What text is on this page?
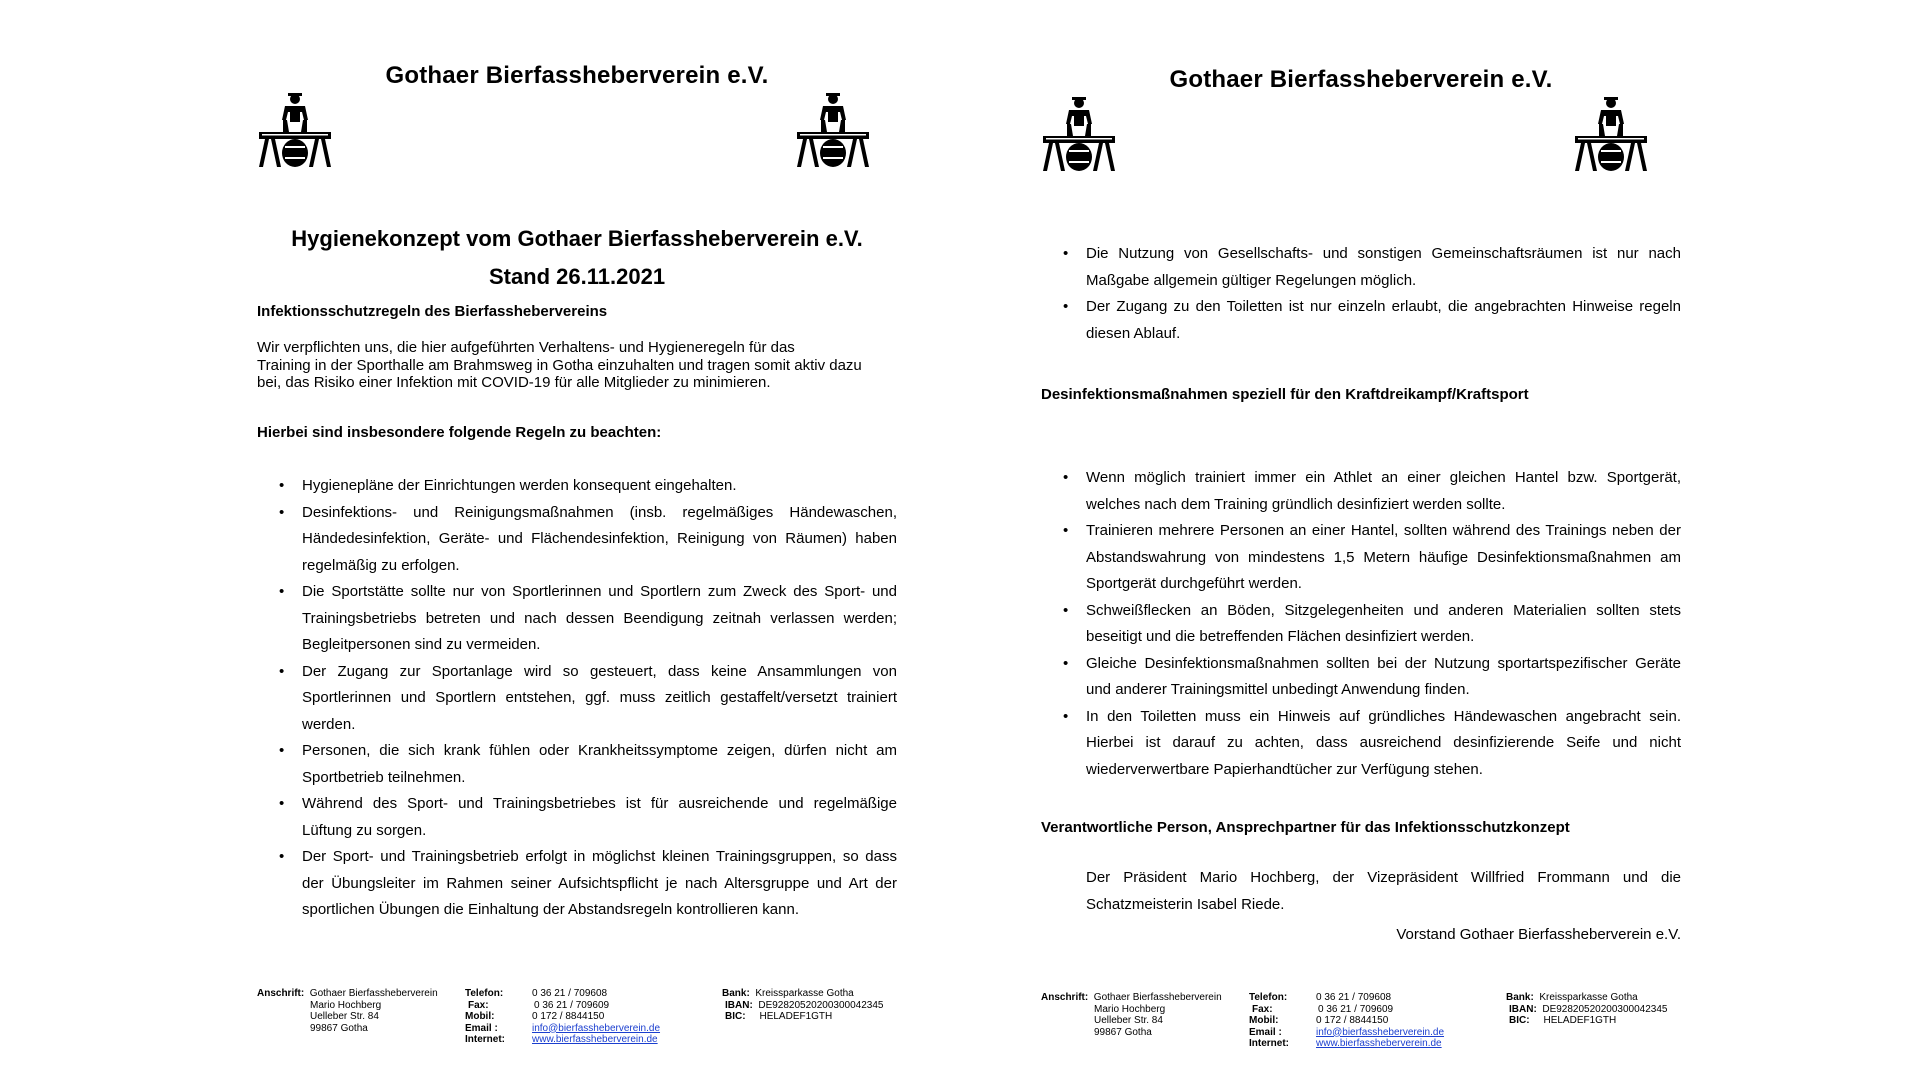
Gothaer Bierfassheberverein e.V.
Hygienekonzept vom Gothaer Bierfassheberverein e.V.
Stand 26.11.2021
Infektionsschutzregeln des Bierfasshebervereins
Wir verpflichten uns, die hier aufgeführten Verhaltens- und Hygieneregeln für das
Training in der Sporthalle am Brahmsweg in Gotha einzuhalten und tragen somit aktiv dazu
bei, das Risiko einer Infektion mit COVID-19 für alle Mitglieder zu minimieren.
Hierbei sind insbesondere folgende Regeln zu beachten:
• Hygienepläne der Einrichtungen werden konsequent eingehalten.
• Desinfektions- und Reinigungsmaßnahmen (insb. regelmäßiges Händewaschen, Händedesinfektion, Geräte- und Flächendesinfektion, Reinigung von Räumen) haben regelmäßig zu erfolgen.
• Die Sportstätte sollte nur von Sportlerinnen und Sportlern zum Zweck des Sport- und Trainingsbetriebs betreten und nach dessen Beendigung zeitnah verlassen werden; Begleitpersonen sind zu vermeiden.
• Der Zugang zur Sportanlage wird so gesteuert, dass keine Ansammlungen von Sportlerinnen und Sportlern entstehen, ggf. muss zeitlich gestaffelt/versetzt trainiert werden.
• Personen, die sich krank fühlen oder Krankheitssymptome zeigen, dürfen nicht am Sportbetrieb teilnehmen.
• Während des Sport- und Trainingsbetriebes ist für ausreichende und regelmäßige Lüftung zu sorgen.
• Der Sport- und Trainingsbetrieb erfolgt in möglichst kleinen Trainingsgruppen, so dass der Übungsleiter im Rahmen seiner Aufsichtspflicht je nach Altersgruppe und Art der sportlichen Übungen die Einhaltung der Abstandsregeln kontrollieren kann.
Anschrift: Gothaer Bierfassheberverein
Mario Hochberg
Uelleber Str. 84
99867 Gotha
Telefon:
Fax:
Mobil:
Email :
Internet:
0 36 21 / 709608
0 36 21 / 709609
0 172 / 8844150
info@bierfassheberverein.de
www.bierfassheberverein.de
Bank: Kreissparkasse Gotha
IBAN: DE92820520200300042345
BIC: HELADEF1GTH
Gothaer Bierfassheberverein e.V.
• Die Nutzung von Gesellschafts- und sonstigen Gemeinschaftsräumen ist nur nach Maßgabe allgemein gültiger Regelungen möglich.
• Der Zugang zu den Toiletten ist nur einzeln erlaubt, die angebrachten Hinweise regeln diesen Ablauf.
Desinfektionsmaßnahmen speziell für den Kraftdreikampf/Kraftsport
• Wenn möglich trainiert immer ein Athlet an einer gleichen Hantel bzw. Sportgerät, welches nach dem Training gründlich desinfiziert werden sollte.
• Trainieren mehrere Personen an einer Hantel, sollten während des Trainings neben der Abstandswahrung von mindestens 1,5 Metern häufige Desinfektionsmaßnahmen am Sportgerät durchgeführt werden.
• Schweißflecken an Böden, Sitzgelegenheiten und anderen Materialien sollten stets beseitigt und die betreffenden Flächen desinfiziert werden.
• Gleiche Desinfektionsmaßnahmen sollten bei der Nutzung sportartspezifischer Geräte und anderer Trainingsmittel unbedingt Anwendung finden.
• In den Toiletten muss ein Hinweis auf gründliches Händewaschen angebracht sein. Hierbei ist darauf zu achten, dass ausreichend desinfizierende Seife und nicht wiederverwertbare Papierhandtücher zur Verfügung stehen.
Verantwortliche Person, Ansprechpartner für das Infektionsschutzkonzept
Der Präsident Mario Hochberg, der Vizepräsident Willfried Frommann und die Schatzmeisterin Isabel Riede.
Vorstand Gothaer Bierfassheberverein e.V.
Anschrift: Gothaer Bierfassheberverein
Mario Hochberg
Uelleber Str. 84
99867 Gotha
Telefon:
Fax:
Mobil:
Email :
Internet:
0 36 21 / 709608
0 36 21 / 709609
0 172 / 8844150
info@bierfassheberverein.de
www.bierfassheberverein.de
Bank: Kreissparkasse Gotha
IBAN: DE92820520200300042345
BIC: HELADEF1GTH
